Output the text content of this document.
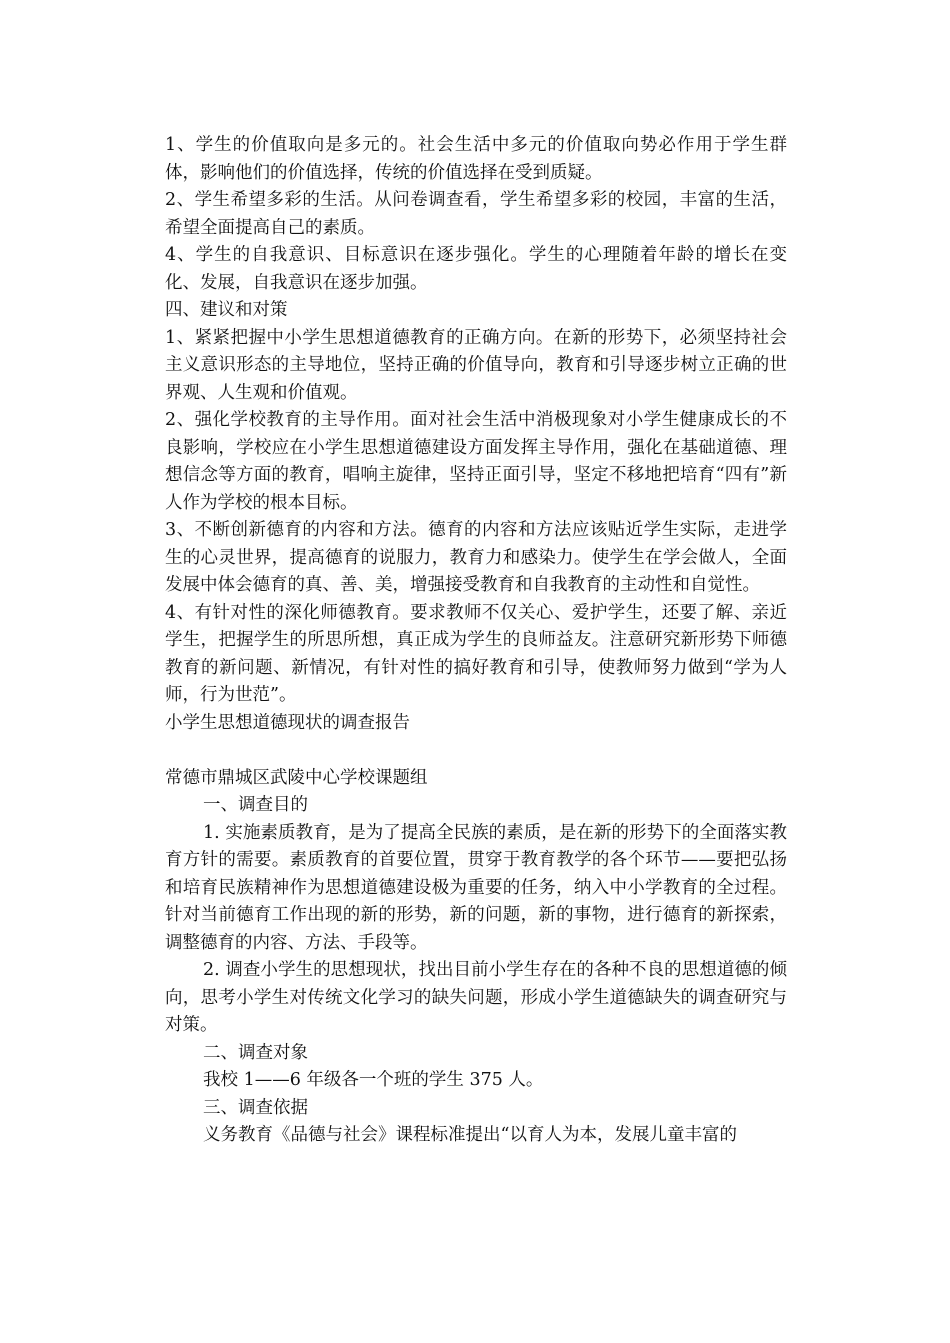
1、学生的价值取向是多元的。社会生活中多元的价值取向势必作用于学生群体，影响他们的价值选择，传统的价值选择在受到质疑。

2、学生希望多彩的生活。从问卷调查看，学生希望多彩的校园，丰富的生活，希望全面提高自己的素质。

4、学生的自我意识、目标意识在逐步强化。学生的心理随着年龄的增长在变化、发展，自我意识在逐步加强。

四、建议和对策

1、紧紧把握中小学生思想道德教育的正确方向。在新的形势下，必须坚持社会主义意识形态的主导地位，坚持正确的价值导向，教育和引导逐步树立正确的世界观、人生观和价值观。

2、强化学校教育的主导作用。面对社会生活中消极现象对小学生健康成长的不良影响，学校应在小学生思想道德建设方面发挥主导作用，强化在基础道德、理想信念等方面的教育，唱响主旋律，坚持正面引导，坚定不移地把培育“四有”新人作为学校的根本目标。

3、不断创新德育的内容和方法。德育的内容和方法应该贴近学生实际，走进学生的心灵世界，提高德育的说服力，教育力和感染力。使学生在学会做人，全面发展中体会德育的真、善、美，增强接受教育和自我教育的主动性和自觉性。

4、有针对性的深化师德教育。要求教师不仅关心、爱护学生，还要了解、亲近学生，把握学生的所思所想，真正成为学生的良师益友。注意研究新形势下师德教育的新问题、新情况，有针对性的搞好教育和引导，使教师努力做到“学为人师，行为世范”。

小学生思想道德现状的调查报告

常德市鼎城区武陵中心学校课题组

一、调查目的

1. 实施素质教育，是为了提高全民族的素质，是在新的形势下的全面落实教育方针的需要。素质教育的首要位置，贯穿于教育教学的各个环节——要把弘扬和培育民族精神作为思想道德建设极为重要的任务，纳入中小学教育的全过程。针对当前德育工作出现的新的形势，新的问题，新的事物，进行德育的新探索，调整德育的内容、方法、手段等。

2. 调查小学生的思想现状，找出目前小学生存在的各种不良的思想道德的倾向，思考小学生对传统文化学习的缺失问题，形成小学生道德缺失的调查研究与对策。

二、调查对象

我校 1——6 年级各一个班的学生 375 人。

三、调查依据

义务教育《品德与社会》课程标准提出“以育人为本，发展儿童丰富的
